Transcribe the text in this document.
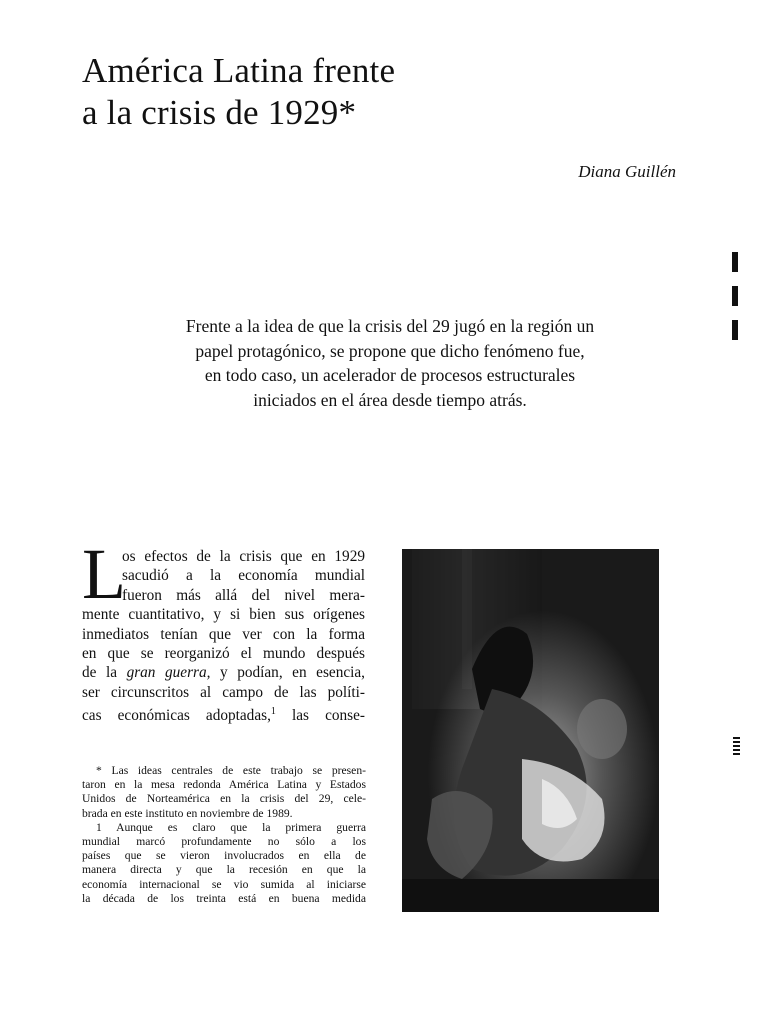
América Latina frente
a la crisis de 1929*
Diana Guillén

Frente a la idea de que la crisis del 29 jugó en la región un
papel protagónico, se propone que dicho fenómeno fue,
en todo caso, un acelerador de procesos estructurales
iniciados en el área desde tiempo atrás.

L
os efectos de la crisis que en 1929
sacudió a la economía mundial
fueron más allá del nivel mera-
mente cuantitativo, y si bien sus orígenes
inmediatos tenían que ver con la forma
en que se reorganizó el mundo después
de la gran guerra, y podían, en esencia,
ser circunscritos al campo de las políti-
cas económicas adoptadas,$^1$ las conse-
* Las ideas centrales de este trabajo se presen-
taron en la mesa redonda América Latina y Estados
Unidos de Norteamérica en la crisis del 29, cele-
brada en este instituto en noviembre de 1989.
1 Aunque es claro que la primera guerra
mundial marcó profundamente no sólo a los
países que se vieron involucrados en ella de
manera directa y que la recesión en que la
economía internacional se vio sumida al iniciarse
la década de los treinta está en buena medida
